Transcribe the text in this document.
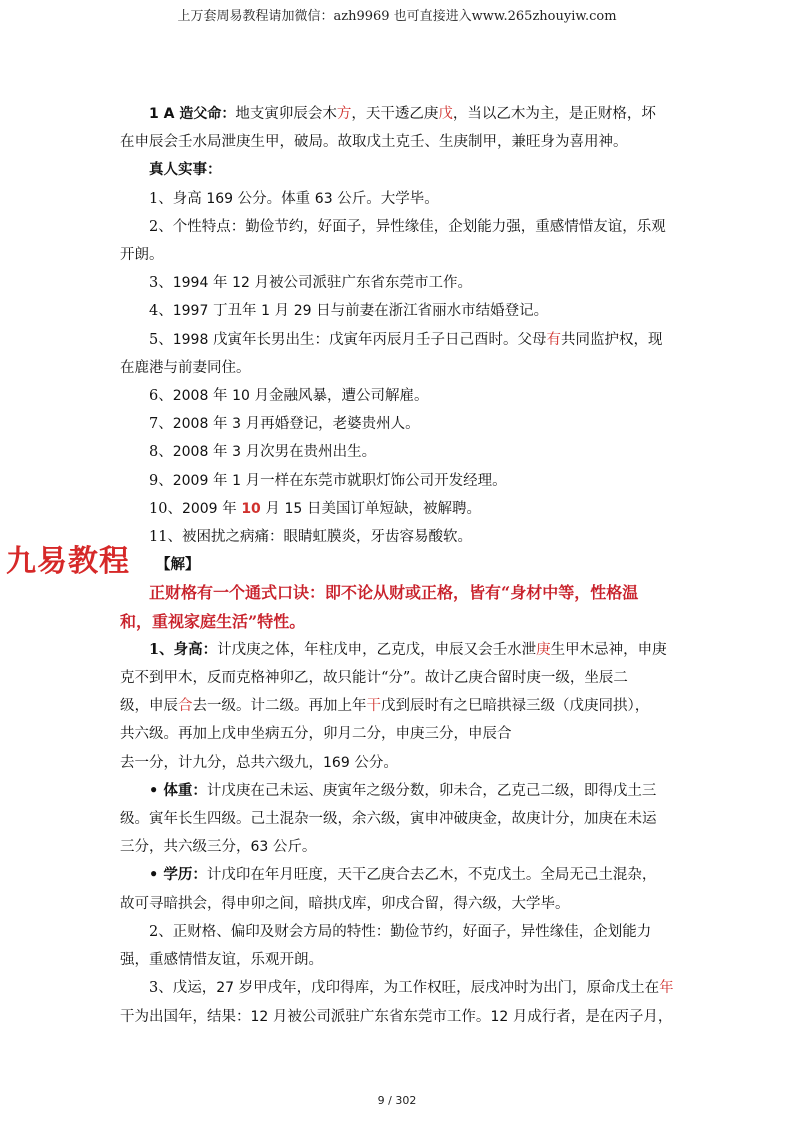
上万套周易教程请加微信：azh9969 也可直接进入www.265zhouyiw.com
九易教程

1 A 造父命：地支寅卯辰会木方，天干透乙庚戊，当以乙木为主，是正财格，坏

在申辰会壬水局泄庚生甲，破局。故取戊土克壬、生庚制甲，兼旺身为喜用神。

真人实事：

1、身高 169 公分。体重 63 公斤。大学毕。

2、个性特点：勤俭节约，好面子，异性缘佳，企划能力强，重感情惜友谊，乐观

开朗。

3、1994 年 12 月被公司派驻广东省东莞市工作。

4、1997 丁丑年 1 月 29 日与前妻在浙江省丽水市结婚登记。

5、1998 戊寅年长男出生：戊寅年丙辰月壬子日己酉时。父母有共同监护权，现

在鹿港与前妻同住。

6、2008 年 10 月金融风暴，遭公司解雇。

7、2008 年 3 月再婚登记，老婆贵州人。

8、2008 年 3 月次男在贵州出生。

9、2009 年 1 月一样在东莞市就职灯饰公司开发经理。

10、2009 年 10 月 15 日美国订单短缺，被解聘。

11、被困扰之病痛：眼睛虹膜炎，牙齿容易酸软。

【解】

正财格有一个通式口诀：即不论从财或正格，皆有“身材中等，性格温

和，重视家庭生活”特性。

1、身高：计戊庚之体，年柱戊申，乙克戊，申辰又会壬水泄庚生甲木忌神，申庚

克不到甲木，反而克格神卯乙，故只能计“分”。故计乙庚合留时庚一级，坐辰二

级，申辰合去一级。计二级。再加上年干戊到辰时有之巳暗拱禄三级（戊庚同拱），

共六级。再加上戊申坐病五分，卯月二分，申庚三分，申辰合

去一分，计九分，总共六级九，169 公分。

• 体重：计戊庚在己未运、庚寅年之级分数，卯未合，乙克己二级，即得戊土三

级。寅年长生四级。己土混杂一级，余六级，寅申冲破庚金，故庚计分，加庚在未运

三分，共六级三分，63 公斤。

• 学历：计戊印在年月旺度，天干乙庚合去乙木，不克戊土。全局无己土混杂，

故可寻暗拱会，得申卯之间，暗拱戊库，卯戌合留，得六级，大学毕。

2、正财格、偏印及财会方局的特性：勤俭节约，好面子，异性缘佳，企划能力

强，重感情惜友谊，乐观开朗。

3、戊运，27 岁甲戌年，戊印得库，为工作权旺，辰戌冲时为出门，原命戊土在年

干为出国年，结果：12 月被公司派驻广东省东莞市工作。12 月成行者，是在丙子月，

9 / 302
